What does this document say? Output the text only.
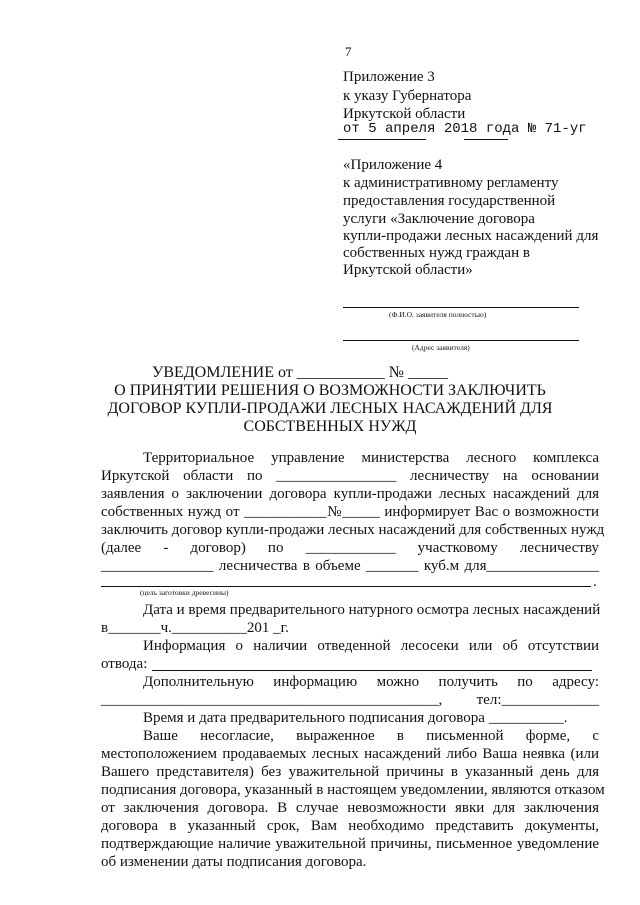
7
Приложение 3
к указу Губернатора
Иркутской области
от 5 апреля 2018 года № 71-уг
«Приложение 4
к административному регламенту
предоставления государственной
услуги «Заключение договора
купли-продажи лесных насаждений для
собственных нужд граждан в
Иркутской области»
(Ф.И.О. заявителя полностью)
(Адрес заявителя)
УВЕДОМЛЕНИЕ от ___________ № _____
О ПРИНЯТИИ РЕШЕНИЯ О ВОЗМОЖНОСТИ ЗАКЛЮЧИТЬ
ДОГОВОР КУПЛИ-ПРОДАЖИ ЛЕСНЫХ НАСАЖДЕНИЙ ДЛЯ
СОБСТВЕННЫХ НУЖД
Территориальное управление министерства лесного комплекса
Иркутской области по ________________ лесничеству на основании
заявления о заключении договора купли-продажи лесных насаждений для
собственных нужд от ___________№_____ информирует Вас о возможности
заключить договор купли-продажи лесных насаждений для собственных нужд
(далее - договор) по ____________ участковому лесничеству
_______________ лесничества в объеме _______ куб.м для_______________
.
(цель заготовки древесины)
Дата и время предварительного натурного осмотра лесных насаждений
в_______ч.__________201 _г.
Информация о наличии отведенной лесосеки или об отсутствии
отвода:
Дополнительную информацию можно получить по адресу:
_____________________________________________, тел:_____________
Время и дата предварительного подписания договора __________.
Ваше несогласие, выраженное в письменной форме, с
местоположением продаваемых лесных насаждений либо Ваша неявка (или
Вашего представителя) без уважительной причины в указанный день для
подписания договора, указанный в настоящем уведомлении, являются отказом
от заключения договора. В случае невозможности явки для заключения
договора в указанный срок, Вам необходимо представить документы,
подтверждающие наличие уважительной причины, письменное уведомление
об изменении даты подписания договора.
